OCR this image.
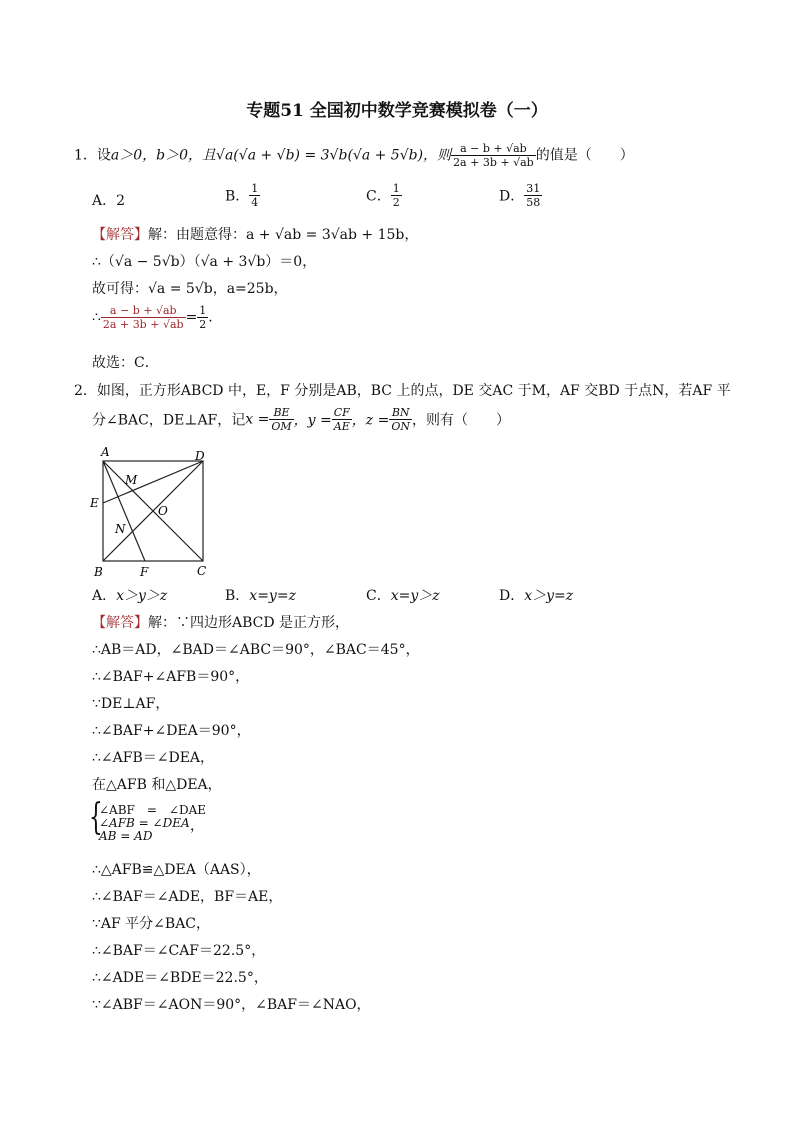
专题51 全国初中数学竞赛模拟卷（一）
1．设a＞0，b＞0，且√a(√a + √b) = 3√b(√a + 5√b)，则 $\frac{a - b + √ab}{2a + 3b + √ab}$ 的值是（　　）
A．2	B． $\frac{1}{4}$	C． $\frac{1}{2}$	D． $\frac{31}{58}$
【解答】解：由题意得：a + √ab = 3√ab + 15b，
∴（√a − 5√b）（√a + 3√b）＝0，
故可得：√a = 5√b，a=25b，
∴ $\frac{a - b + √ab}{2a + 3b + √ab} = \frac{1}{2}$ .
故选：C．
2．如图，正方形ABCD 中，E，F 分别是AB，BC 上的点，DE 交AC 于M，AF 交BD 于点N，若AF 平
分∠BAC，DE⊥AF，记$x = \frac{BE}{OM}$ ，$y = \frac{CF}{AE}$ ，$z = \frac{BN}{ON}$ ，则有（　　）
A	D
M
E
O
N
B	F	C
A．x＞y＞z	B．x=y=z	C．x=y＞z	D．x＞y=z
【解答】解：∵四边形ABCD 是正方形，
∴AB＝AD，∠BAD＝∠ABC＝90°，∠BAC＝45°，
∴∠BAF+∠AFB＝90°，
∵DE⊥AF，
∴∠BAF+∠DEA＝90°，
∴∠AFB＝∠DEA，
在△AFB 和△DEA，
{
∠ABF　=　∠DAE
∠AFB = ∠DEA
AB = AD
，
∴△AFB≌△DEA（AAS），
∴∠BAF＝∠ADE，BF＝AE，
∵AF 平分∠BAC，
∴∠BAF＝∠CAF＝22.5°，
∴∠ADE＝∠BDE＝22.5°，
∵∠ABF＝∠AON＝90°，∠BAF＝∠NAO，
